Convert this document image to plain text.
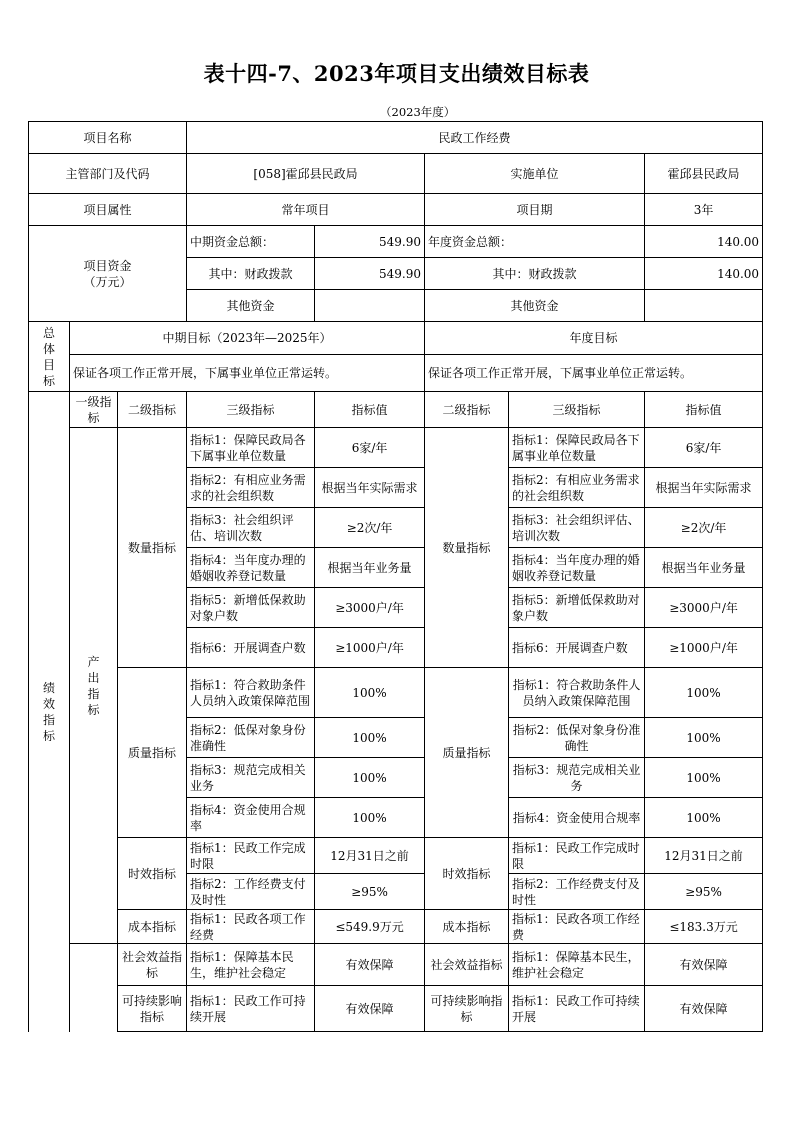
表十四-7、2023年项目支出绩效目标表
（2023年度）
项目名称			民政工作经费				
主管部门及代码			[058]霍邱县民政局		实施单位		霍邱县民政局
项目属性			常年项目		项目期		3年

项目资金
（万元）			中期资金总额：	549.90	年度资金总额：		140.00
			其中：财政拨款	549.90	其中：财政拨款		140.00
			其他资金		其他资金		

总
体
目
标	中期目标（2023年—2025年）				年度目标		
	保证各项工作正常开展，下属事业单位正常运转。				保证各项工作正常开展，下属事业单位正常运转。		

绩
效
指
标	一级指标	二级指标	三级指标	指标值	二级指标	三级指标	指标值

	产
出
指
标	数量指标	指标1：保障民政局各下属事业单位数量	6家/年	数量指标	指标1：保障民政局各下属事业单位数量	6家/年
			指标2：有相应业务需求的社会组织数	根据当年实际需求		指标2：有相应业务需求的社会组织数	根据当年实际需求
			指标3：社会组织评估、培训次数	≥2次/年		指标3：社会组织评估、培训次数	≥2次/年
			指标4：当年度办理的婚姻收养登记数量	根据当年业务量		指标4：当年度办理的婚姻收养登记数量	根据当年业务量
			指标5：新增低保救助对象户数	≥3000户/年		指标5：新增低保救助对象户数	≥3000户/年
			指标6：开展调查户数	≥1000户/年		指标6：开展调查户数	≥1000户/年
		质量指标	指标1：符合救助条件人员纳入政策保障范围	100%	质量指标	指标1：符合救助条件人员纳入政策保障范围	100%
			指标2：低保对象身份准确性	100%		指标2：低保对象身份准确性	100%
			指标3：规范完成相关业务	100%		指标3：规范完成相关业务	100%
			指标4：资金使用合规率	100%		指标4：资金使用合规率	100%
		时效指标	指标1：民政工作完成时限	12月31日之前	时效指标	指标1：民政工作完成时限	12月31日之前
			指标2：工作经费支付及时性	≥95%		指标2：工作经费支付及时性	≥95%
		成本指标	指标1：民政各项工作经费	≤549.9万元	成本指标	指标1：民政各项工作经费	≤183.3万元
		社会效益指标	指标1：保障基本民生，维护社会稳定	有效保障	社会效益指标	指标1：保障基本民生，维护社会稳定	有效保障
		可持续影响指标	指标1：民政工作可持续开展	有效保障	可持续影响指标	指标1：民政工作可持续开展	有效保障
